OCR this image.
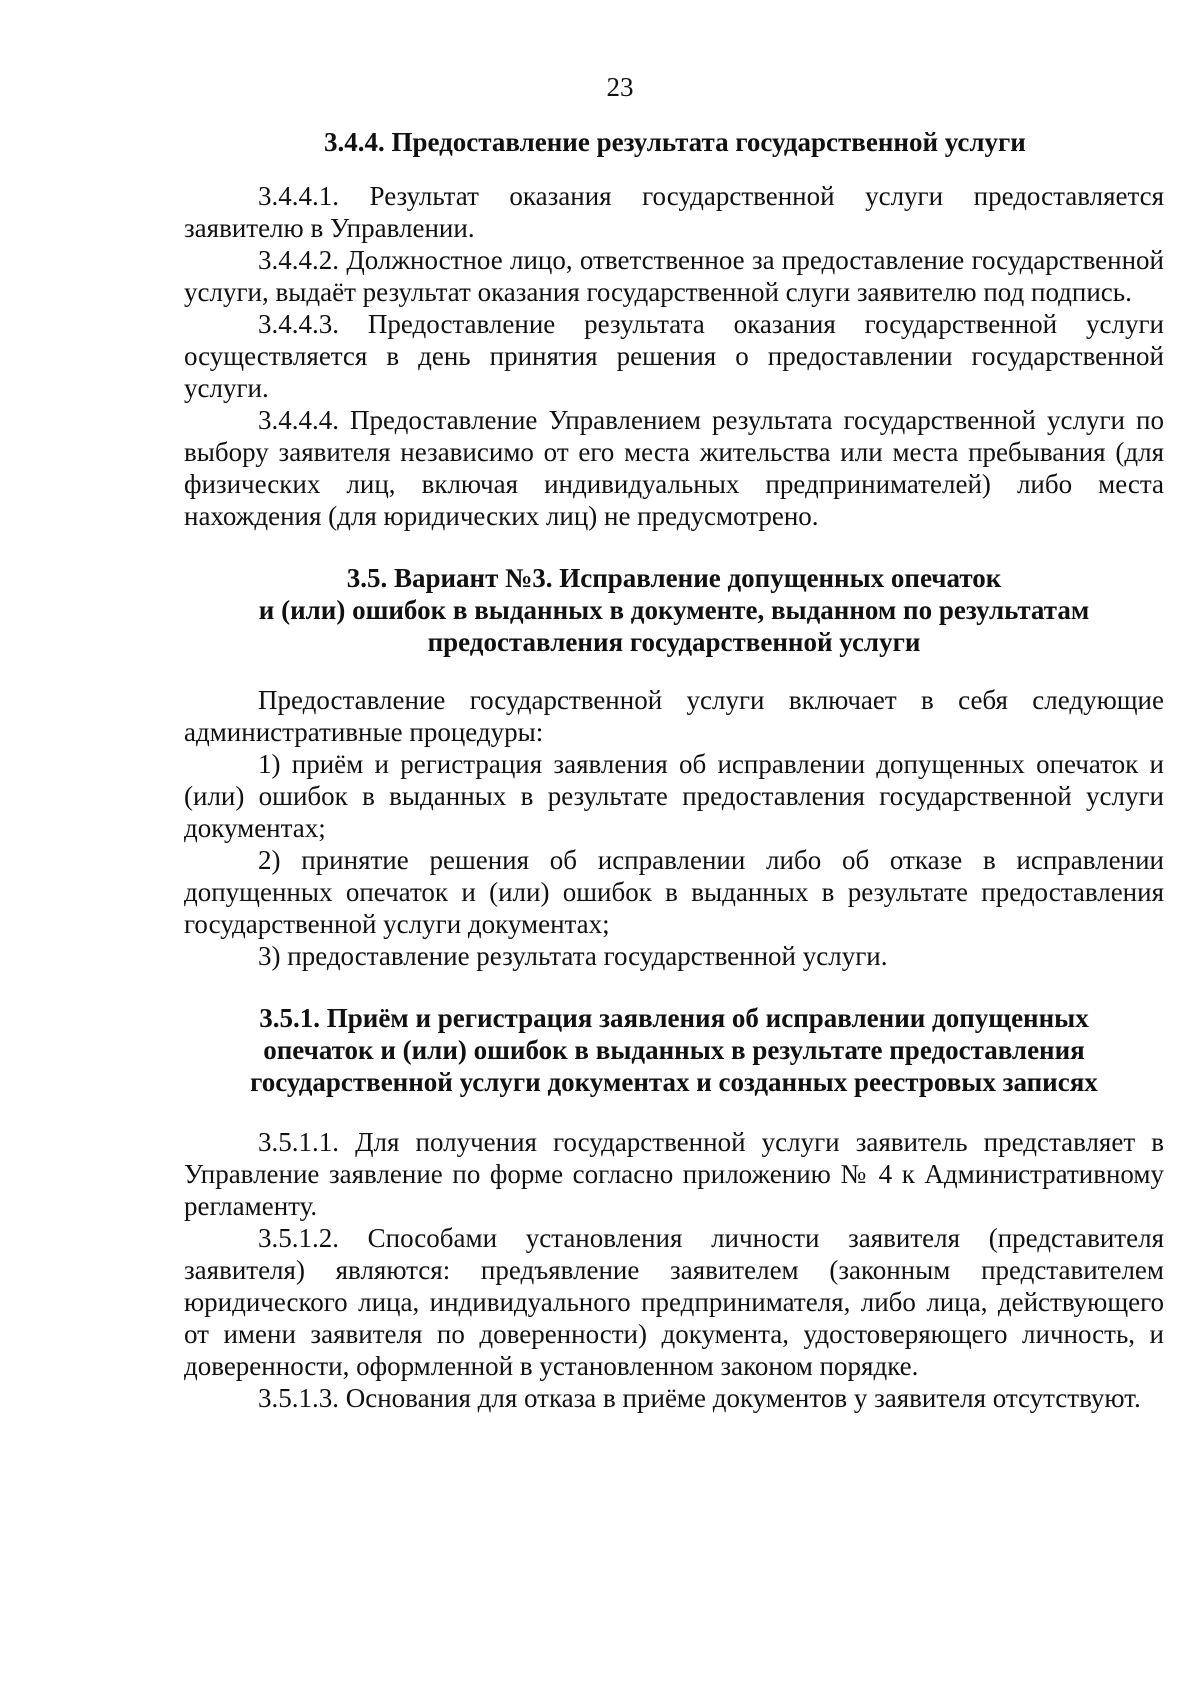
23
3.4.4. Предоставление результата государственной услуги

3.4.4.1. Результат оказания государственной услуги предоставляется заявителю в Управлении.

3.4.4.2. Должностное лицо, ответственное за предоставление государственной услуги, выдаёт результат оказания государственной слуги заявителю под подпись.

3.4.4.3. Предоставление результата оказания государственной услуги осуществляется в день принятия решения о предоставлении государственной услуги.

3.4.4.4. Предоставление Управлением результата государственной услуги по выбору заявителя независимо от его места жительства или места пребывания (для физических лиц, включая индивидуальных предпринимателей) либо места нахождения (для юридических лиц) не предусмотрено.

3.5. Вариант №3. Исправление допущенных опечаток
и (или) ошибок в выданных в документе, выданном по результатам
предоставления государственной услуги

Предоставление государственной услуги включает в себя следующие административные процедуры:

1) приём и регистрация заявления об исправлении допущенных опечаток и (или) ошибок в выданных в результате предоставления государственной услуги документах;

2) принятие решения об исправлении либо об отказе в исправлении допущенных опечаток и (или) ошибок в выданных в результате предоставления государственной услуги документах;

3) предоставление результата государственной услуги.

3.5.1. Приём и регистрация заявления об исправлении допущенных
опечаток и (или) ошибок в выданных в результате предоставления
государственной услуги документах и созданных реестровых записях

3.5.1.1. Для получения государственной услуги заявитель представляет в Управление заявление по форме согласно приложению № 4 к Административному регламенту.

3.5.1.2. Способами установления личности заявителя (представителя заявителя) являются: предъявление заявителем (законным представителем юридического лица, индивидуального предпринимателя, либо лица, действующего от имени заявителя по доверенности) документа, удостоверяющего личность, и доверенности, оформленной в установленном законом порядке.

3.5.1.3. Основания для отказа в приёме документов у заявителя отсутствуют.
